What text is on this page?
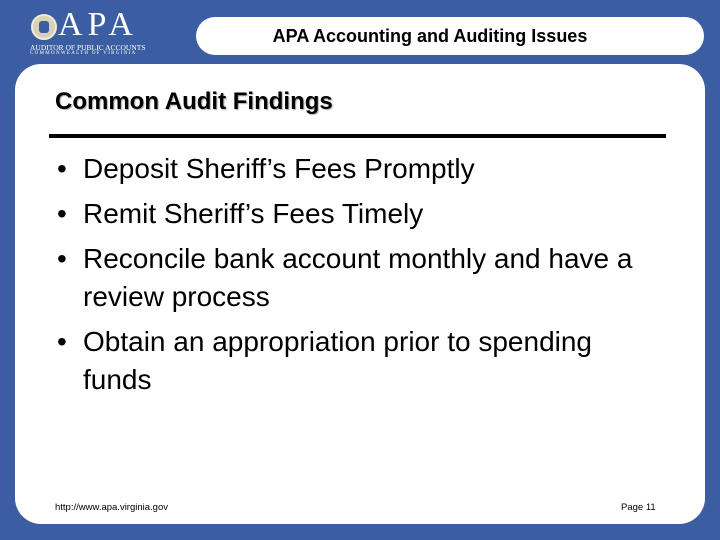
APA
AUDITOR OF PUBLIC ACCOUNTS
COMMONWEALTH OF VIRGINIA
APA Accounting and Auditing Issues
Common Audit Findings
• Deposit Sheriff’s Fees Promptly
• Remit Sheriff’s Fees Timely
• Reconcile bank account monthly and have a review process
• Obtain an appropriation prior to spending funds
http://www.apa.virginia.gov	Page 11
